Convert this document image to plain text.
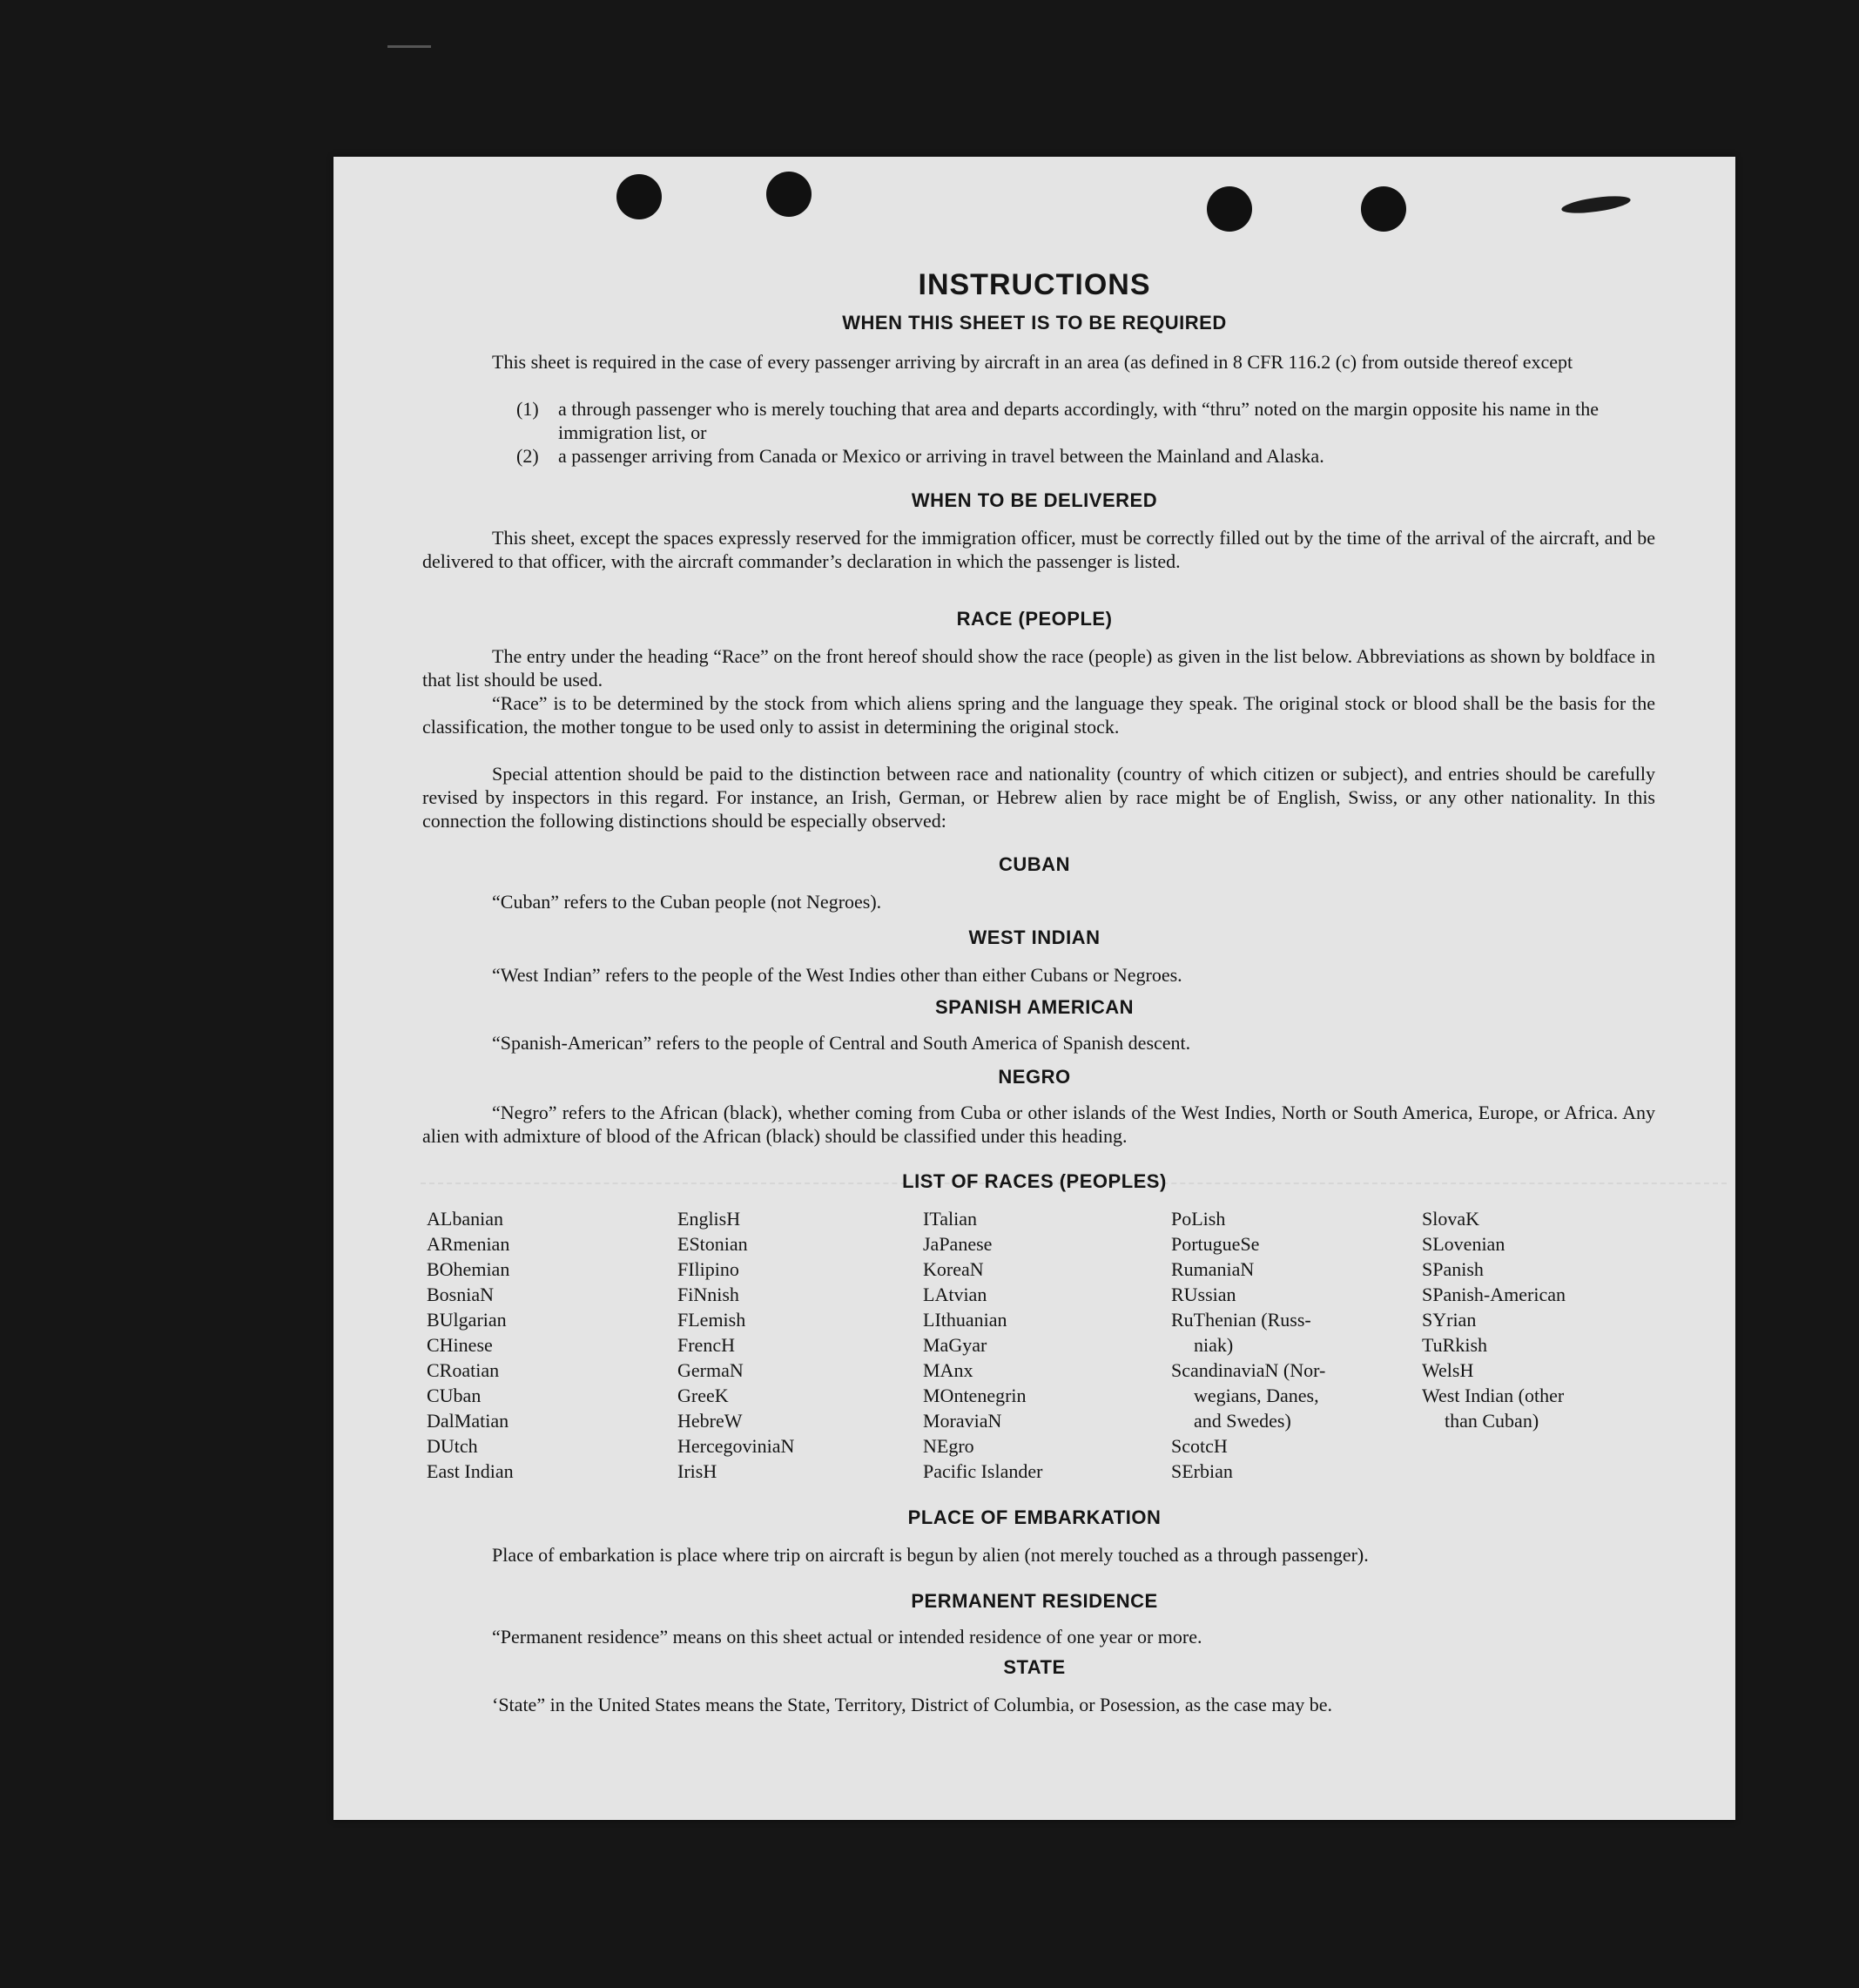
INSTRUCTIONS
WHEN THIS SHEET IS TO BE REQUIRED
This sheet is required in the case of every passenger arriving by aircraft in an area (as defined in 8 CFR 116.2 (c) from outside thereof except
(1)	a through passenger who is merely touching that area and departs accordingly, with “thru” noted on the margin opposite his name in the immigration list, or
(2)	a passenger arriving from Canada or Mexico or arriving in travel between the Mainland and Alaska.
WHEN TO BE DELIVERED
This sheet, except the spaces expressly reserved for the immigration officer, must be correctly filled out by the time of the arrival of the aircraft, and be delivered to that officer, with the aircraft commander’s declaration in which the passenger is listed.
RACE (PEOPLE)
The entry under the heading “Race” on the front hereof should show the race (people) as given in the list below. Abbreviations as shown by boldface in that list should be used.
“Race” is to be determined by the stock from which aliens spring and the language they speak. The original stock or blood shall be the basis for the classification, the mother tongue to be used only to assist in determining the original stock.
Special attention should be paid to the distinction between race and nationality (country of which citizen or subject), and entries should be carefully revised by inspectors in this regard. For instance, an Irish, German, or Hebrew alien by race might be of English, Swiss, or any other nationality. In this connection the following distinctions should be especially observed:
CUBAN
“Cuban” refers to the Cuban people (not Negroes).
WEST INDIAN
“West Indian” refers to the people of the West Indies other than either Cubans or Negroes.
SPANISH AMERICAN
“Spanish-American” refers to the people of Central and South America of Spanish descent.
NEGRO
“Negro” refers to the African (black), whether coming from Cuba or other islands of the West Indies, North or South America, Europe, or Africa. Any alien with admixture of blood of the African (black) should be classified under this heading.
LIST OF RACES (PEOPLES)
ALbanian
ARmenian
BOhemian
BosniaN
BUlgarian
CHinese
CRoatian
CUban
DalMatian
DUtch
East Indian
EnglisH
EStonian
FIlipino
FiNnish
FLemish
FrencH
GermaN
GreeK
HebreW
HercegoviniaN
IrisH
ITalian
JaPanese
KoreaN
LAtvian
LIthuanian
MaGyar
MAnx
MOntenegrin
MoraviaN
NEgro
Pacific Islander
PoLish
PortugueSe
RumaniaN
RUssian
RuThenian (Russ-
niak)
ScandinaviaN (Nor-
wegians, Danes,
and Swedes)
ScotcH
SErbian
SlovaK
SLovenian
SPanish
SPanish-American
SYrian
TuRkish
WelsH
West Indian (other
than Cuban)
PLACE OF EMBARKATION
Place of embarkation is place where trip on aircraft is begun by alien (not merely touched as a through passenger).
PERMANENT RESIDENCE
“Permanent residence” means on this sheet actual or intended residence of one year or more.
STATE
‘State” in the United States means the State, Territory, District of Columbia, or Posession, as the case may be.
